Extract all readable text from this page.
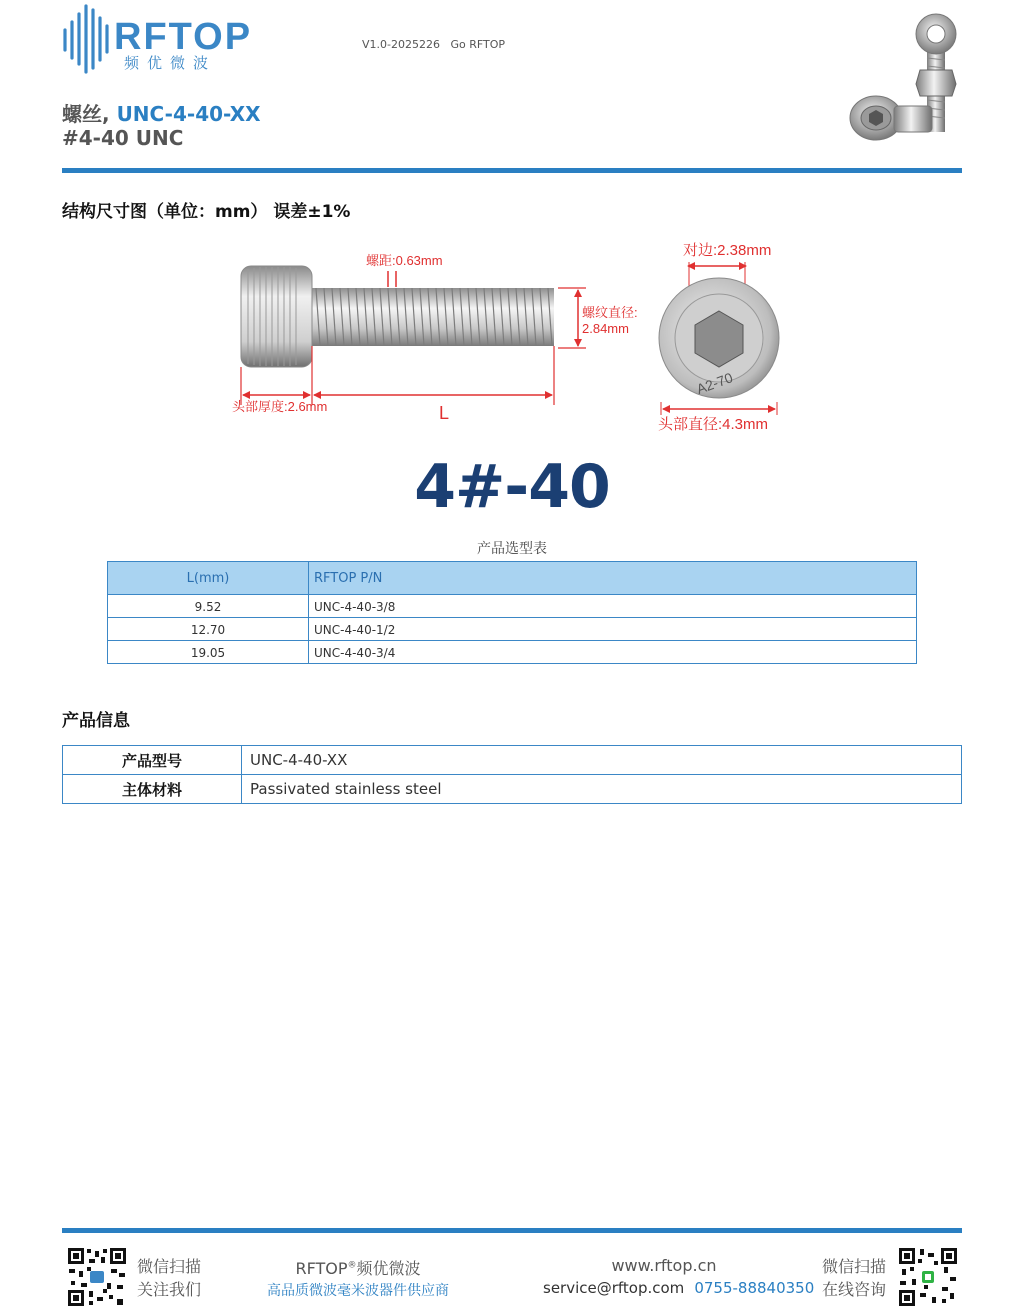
RFTOP
频优微波
V1.0-2025226   Go RFTOP
螺丝, UNC-4-40-XX
#4-40 UNC
结构尺寸图（单位：mm） 误差±1%
螺距:0.63mm
螺纹直径:
2.84mm
头部厚度:2.6mm	L
对边:2.38mm
A2-70
头部直径:4.3mm
4#-40
产品选型表
L(mm)	RFTOP P/N
9.52	UNC-4-40-3/8
12.70	UNC-4-40-1/2
19.05	UNC-4-40-3/4
产品信息
产品型号	UNC-4-40-XX
主体材料	Passivated stainless steel
微信扫描
关注我们
RFTOP®频优微波
高品质微波毫米波器件供应商
www.rftop.cn
service@rftop.com 0755-88840350
微信扫描
在线咨询
